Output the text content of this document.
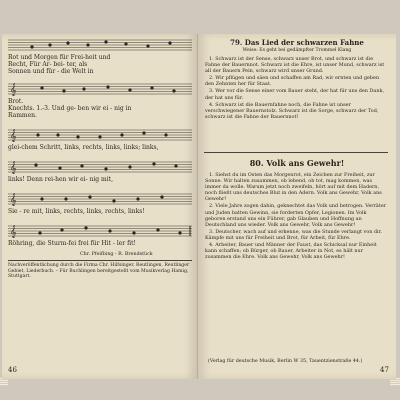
Rot und Morgen für Frei-heit und
Recht, Für Ar- bei- ter, als
Sonnen und für - die Welt in
𝄞
Brot.
Knechts. 1.-3. Und ge- ben wir ei - nig in
Rammen.
𝄞
glei-chem Schritt, links, rechts, links, links; links,
𝄞
links! Denn rei-hen wir ei- nig mit,
𝄞
Sie - re mit, links, rechts, links, rechts, links!
𝄞
Röhring, die Sturm-fei frei für Hit - ler fit!
Chr. Pfeifbing - R. Brendstück
Nachveröffentlichung durch die Firma Chr. Hilfsinger, Reutlingen, Reutlinger Gebiet, Liederbuch. – Für Buchlingen bereitgestellt vom Musikverlag Hamig, Stuttgart.
46
79. Das Lied der schwarzen Fahne
Weise: Es geht bei gedämpfter Trommel Klang

1. Schwarz ist der Sense, schwarz unser Brot, und schwarz ist die Fahne der Bauernnot. Schwarz ist die Ehre, ist unser Mund, schwarz ist all der Bauern Pein, schwarz wird unser Grund.

2. Wir pflügen und säen und schaffen am Rad, wir ernten und geben den Zehnten her für Staat.

3. Wer vor die Sense einer vom Bauer steht, der hat für uns den Dank, der hat uns für.

4. Schwarz ist die Bauernfahne noch, die Fahne ist unser verschwiegener Bauernstolz. Schwarz ist die Sorge, schwarz der Tod, schwarz ist die Fahne der Bauernnot!

80. Volk ans Gewehr!

1. Siehst du im Osten das Morgenrot, ein Zeichen zur Freiheit, zur Sonne. Wir halten zusammen, ob lebend, ob tot, mag kommen, was immer da wolle. Warum jetzt noch zweifeln, hört auf mit dem Hadern, noch fließt uns deutsches Blut in den Adern. Volk ans Gewehr, Volk ans Gewehr!

2. Viele Jahre zogen dahin, geknechtet das Volk und betrogen. Verräter und Juden hatten Gewinn, sie forderten Opfer, Legionen. Im Volk geboren erstand uns ein Führer, gab Glauben und Hoffnung an Deutschland uns wieder. Volk ans Gewehr, Volk ans Gewehr!

3. Deutscher, wach auf und erkenne, was die Stunde verlangt von dir. Kämpfe mit uns für Freiheit und Brot, für Arbeit, für Ehre.

4. Arbeiter, Bauer und Männer der Faust, das Schicksal nur Einheit kann schaffen; ob Bürger, ob Bauer, Arbeiter in Not, es hält nur zusammen die Ehre. Volk ans Gewehr, Volk ans Gewehr!

(Verlag für deutsche Musik, Berlin W 35, Tauentzienstraße 44.)
47
